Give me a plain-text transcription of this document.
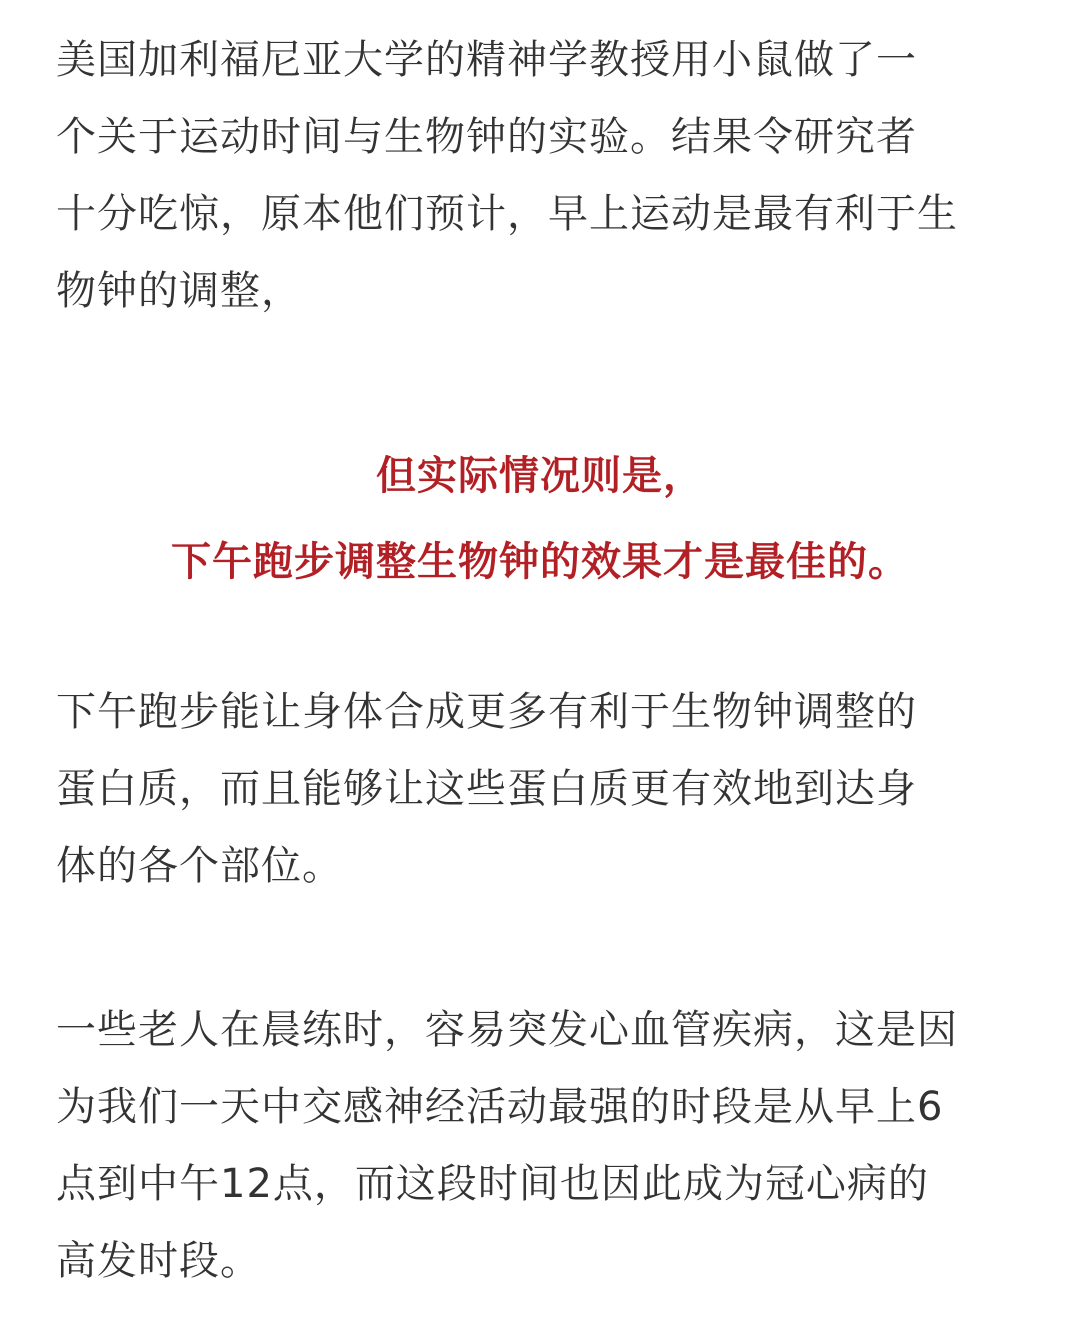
美国加利福尼亚大学的精神学教授用小鼠做了一
个关于运动时间与生物钟的实验。结果令研究者
十分吃惊，原本他们预计，早上运动是最有利于生
物钟的调整，

但实际情况则是，
下午跑步调整生物钟的效果才是最佳的。

下午跑步能让身体合成更多有利于生物钟调整的
蛋白质，而且能够让这些蛋白质更有效地到达身
体的各个部位。

一些老人在晨练时，容易突发心血管疾病，这是因
为我们一天中交感神经活动最强的时段是从早上6
点到中午12点，而这段时间也因此成为冠心病的
高发时段。
